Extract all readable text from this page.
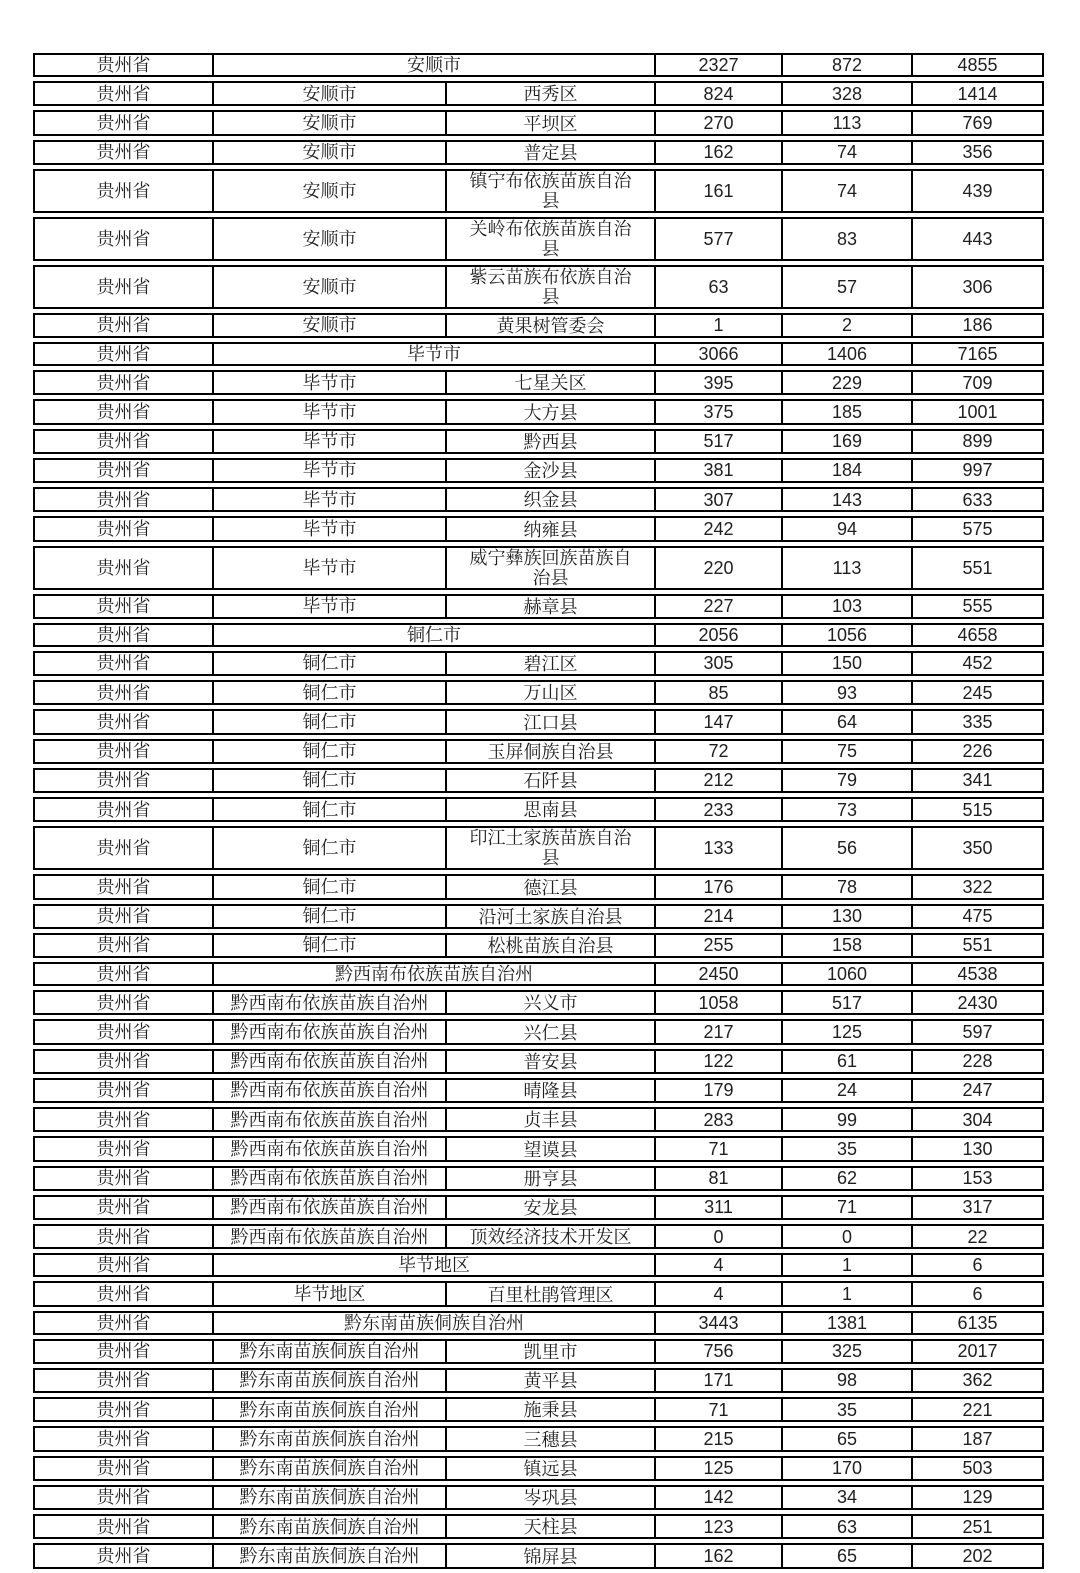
贵州省	安顺市		2327	872	4855
贵州省	安顺市	西秀区	824	328	1414
贵州省	安顺市	平坝区	270	113	769
贵州省	安顺市	普定县	162	74	356
贵州省	安顺市	镇宁布依族苗族自治县	161	74	439
贵州省	安顺市	关岭布依族苗族自治县	577	83	443
贵州省	安顺市	紫云苗族布依族自治县	63	57	306
贵州省	安顺市	黄果树管委会	1	2	186
贵州省	毕节市		3066	1406	7165
贵州省	毕节市	七星关区	395	229	709
贵州省	毕节市	大方县	375	185	1001
贵州省	毕节市	黔西县	517	169	899
贵州省	毕节市	金沙县	381	184	997
贵州省	毕节市	织金县	307	143	633
贵州省	毕节市	纳雍县	242	94	575
贵州省	毕节市	威宁彝族回族苗族自治县	220	113	551
贵州省	毕节市	赫章县	227	103	555
贵州省	铜仁市		2056	1056	4658
贵州省	铜仁市	碧江区	305	150	452
贵州省	铜仁市	万山区	85	93	245
贵州省	铜仁市	江口县	147	64	335
贵州省	铜仁市	玉屏侗族自治县	72	75	226
贵州省	铜仁市	石阡县	212	79	341
贵州省	铜仁市	思南县	233	73	515
贵州省	铜仁市	印江土家族苗族自治县	133	56	350
贵州省	铜仁市	德江县	176	78	322
贵州省	铜仁市	沿河土家族自治县	214	130	475
贵州省	铜仁市	松桃苗族自治县	255	158	551
贵州省	黔西南布依族苗族自治州		2450	1060	4538
贵州省	黔西南布依族苗族自治州	兴义市	1058	517	2430
贵州省	黔西南布依族苗族自治州	兴仁县	217	125	597
贵州省	黔西南布依族苗族自治州	普安县	122	61	228
贵州省	黔西南布依族苗族自治州	晴隆县	179	24	247
贵州省	黔西南布依族苗族自治州	贞丰县	283	99	304
贵州省	黔西南布依族苗族自治州	望谟县	71	35	130
贵州省	黔西南布依族苗族自治州	册亨县	81	62	153
贵州省	黔西南布依族苗族自治州	安龙县	311	71	317
贵州省	黔西南布依族苗族自治州	顶效经济技术开发区	0	0	22
贵州省	毕节地区		4	1	6
贵州省	毕节地区	百里杜鹃管理区	4	1	6
贵州省	黔东南苗族侗族自治州		3443	1381	6135
贵州省	黔东南苗族侗族自治州	凯里市	756	325	2017
贵州省	黔东南苗族侗族自治州	黄平县	171	98	362
贵州省	黔东南苗族侗族自治州	施秉县	71	35	221
贵州省	黔东南苗族侗族自治州	三穗县	215	65	187
贵州省	黔东南苗族侗族自治州	镇远县	125	170	503
贵州省	黔东南苗族侗族自治州	岑巩县	142	34	129
贵州省	黔东南苗族侗族自治州	天柱县	123	63	251
贵州省	黔东南苗族侗族自治州	锦屏县	162	65	202
